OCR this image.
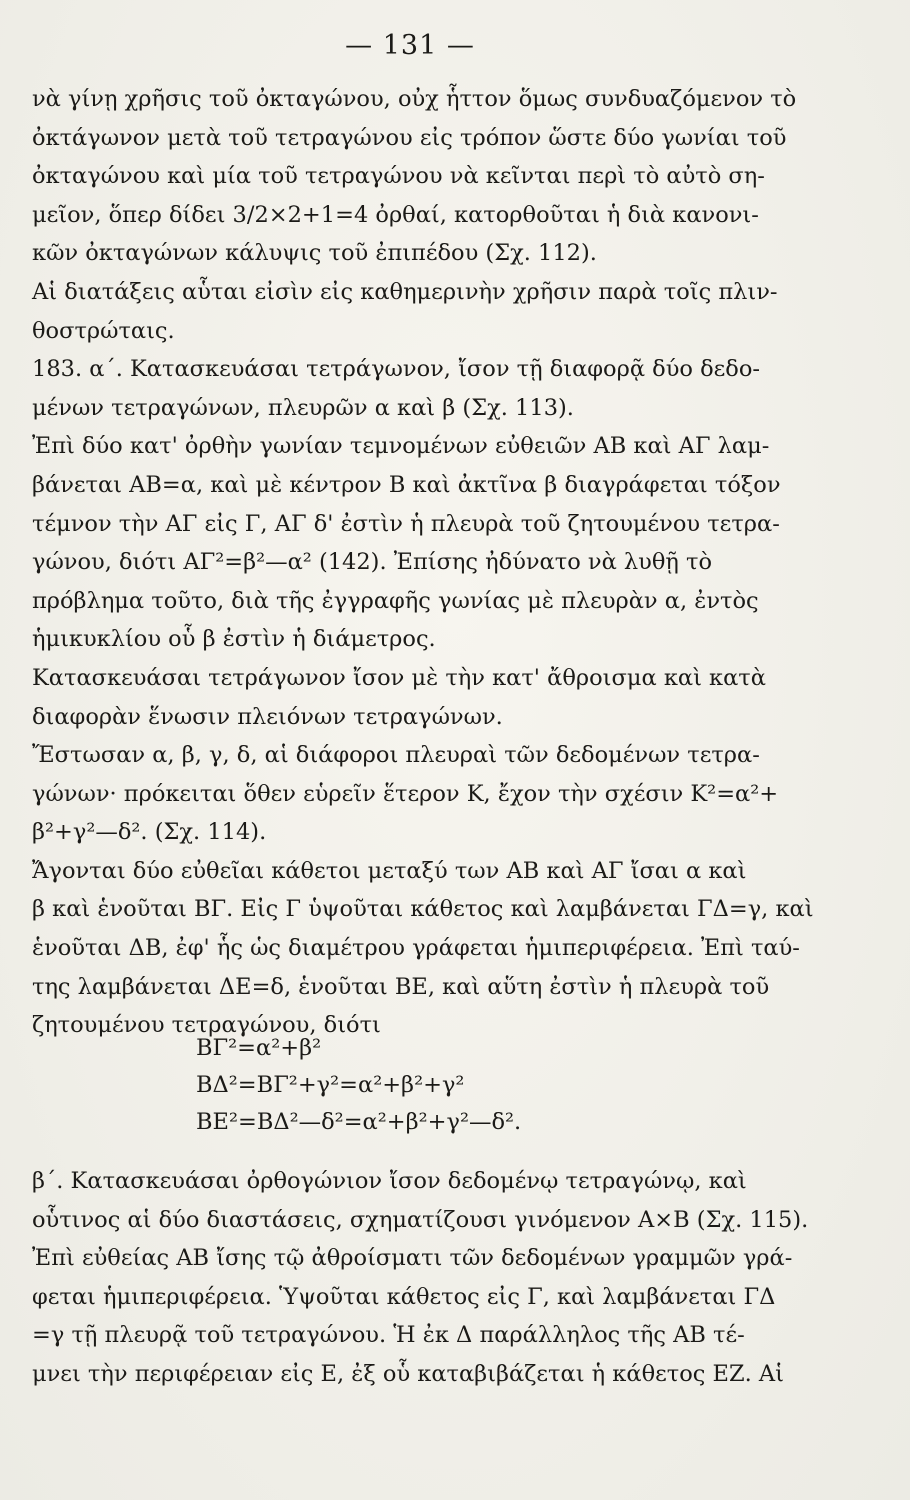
— 131 —
νὰ γίνῃ χρῆσις τοῦ ὀκταγώνου, οὐχ ἧττον ὅμως συνδυαζόμενον τὸ
ὀκτάγωνον μετὰ τοῦ τετραγώνου εἰς τρόπον ὥστε δύο γωνίαι τοῦ
ὀκταγώνου καὶ μία τοῦ τετραγώνου νὰ κεῖνται περὶ τὸ αὐτὸ ση-
μεῖον, ὅπερ δίδει 3/2×2+1=4 ὀρθαί, κατορθοῦται ἡ διὰ κανονι-
κῶν ὀκταγώνων κάλυψις τοῦ ἐπιπέδου (Σχ. 112).
Αἱ διατάξεις αὗται εἰσὶν εἰς καθημερινὴν χρῆσιν παρὰ τοῖς πλιν-
θοστρώταις.
183. α΄. Κατασκευάσαι τετράγωνον, ἴσον τῇ διαφορᾷ δύο δεδο-
μένων τετραγώνων, πλευρῶν α καὶ β (Σχ. 113).
Ἐπὶ δύο κατ' ὀρθὴν γωνίαν τεμνομένων εὐθειῶν ΑΒ καὶ ΑΓ λαμ-
βάνεται ΑΒ=α, καὶ μὲ κέντρον Β καὶ ἀκτῖνα β διαγράφεται τόξον
τέμνον τὴν ΑΓ εἰς Γ, ΑΓ δ' ἐστὶν ἡ πλευρὰ τοῦ ζητουμένου τετρα-
γώνου, διότι ΑΓ²=β²—α² (142). Ἐπίσης ἠδύνατο νὰ λυθῇ τὸ
πρόβλημα τοῦτο, διὰ τῆς ἐγγραφῆς γωνίας μὲ πλευρὰν α, ἐντὸς
ἡμικυκλίου οὗ β ἐστὶν ἡ διάμετρος.
Κατασκευάσαι τετράγωνον ἴσον μὲ τὴν κατ' ἄθροισμα καὶ κατὰ
διαφορὰν ἕνωσιν πλειόνων τετραγώνων.
Ἔστωσαν α, β, γ, δ, αἱ διάφοροι πλευραὶ τῶν δεδομένων τετρα-
γώνων· πρόκειται ὅθεν εὑρεῖν ἕτερον Κ, ἔχον τὴν σχέσιν Κ²=α²+
β²+γ²—δ². (Σχ. 114).
Ἄγονται δύο εὐθεῖαι κάθετοι μεταξύ των ΑΒ καὶ ΑΓ ἴσαι α καὶ
β καὶ ἑνοῦται ΒΓ. Εἰς Γ ὑψοῦται κάθετος καὶ λαμβάνεται ΓΔ=γ, καὶ
ἑνοῦται ΔΒ, ἐφ' ἧς ὡς διαμέτρου γράφεται ἡμιπεριφέρεια. Ἐπὶ ταύ-
της λαμβάνεται ΔΕ=δ, ἑνοῦται ΒΕ, καὶ αὕτη ἐστὶν ἡ πλευρὰ τοῦ
ζητουμένου τετραγώνου, διότι
ΒΓ²=α²+β²
ΒΔ²=ΒΓ²+γ²=α²+β²+γ²
ΒΕ²=ΒΔ²—δ²=α²+β²+γ²—δ².
β΄. Κατασκευάσαι ὀρθογώνιον ἴσον δεδομένῳ τετραγώνῳ, καὶ
οὗτινος αἱ δύο διαστάσεις, σχηματίζουσι γινόμενον Α×Β (Σχ. 115).
Ἐπὶ εὐθείας ΑΒ ἴσης τῷ ἀθροίσματι τῶν δεδομένων γραμμῶν γρά-
φεται ἡμιπεριφέρεια. Ὑψοῦται κάθετος εἰς Γ, καὶ λαμβάνεται ΓΔ
=γ τῇ πλευρᾷ τοῦ τετραγώνου. Ἡ ἐκ Δ παράλληλος τῆς ΑΒ τέ-
μνει τὴν περιφέρειαν εἰς Ε, ἐξ οὗ καταβιβάζεται ἡ κάθετος ΕΖ. Αἱ
